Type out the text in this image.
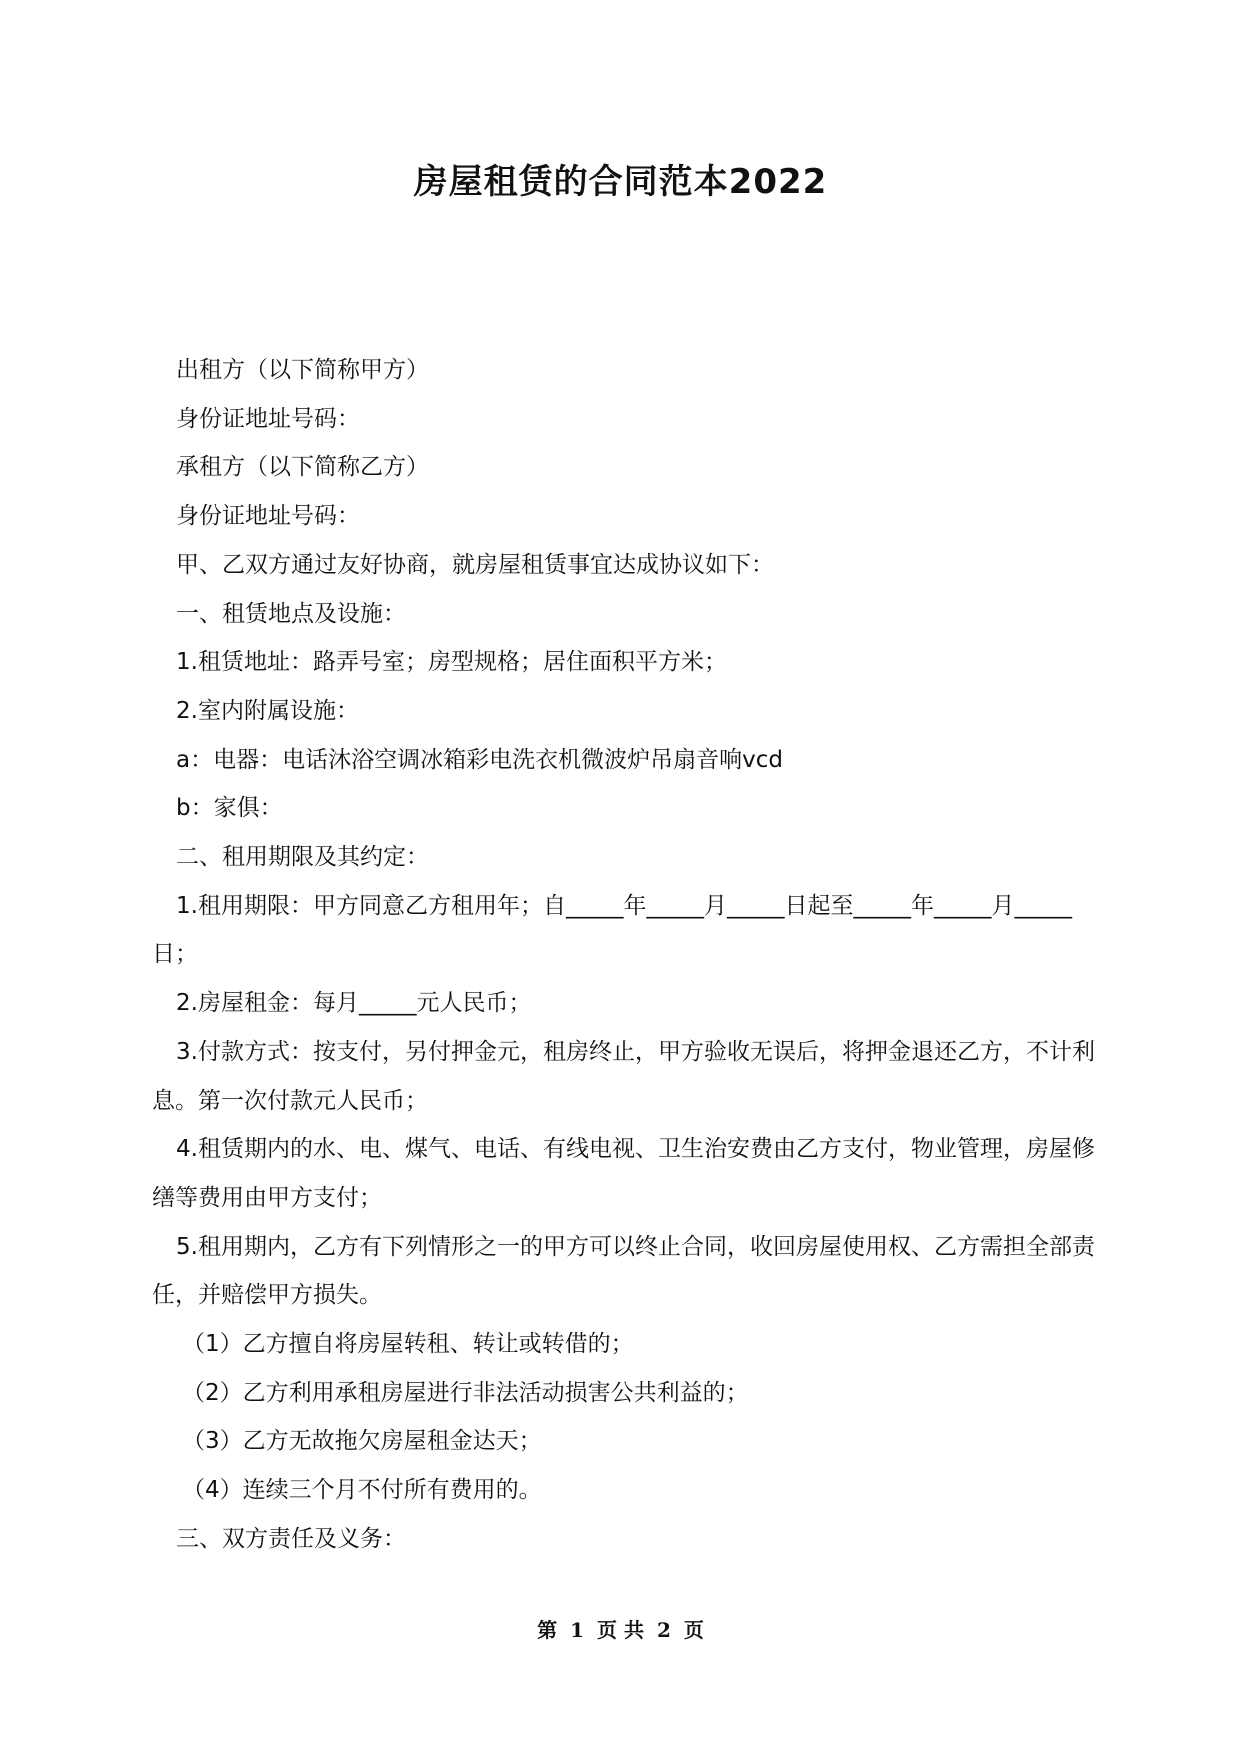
房屋租赁的合同范本2022

出租方（以下简称甲方）

身份证地址号码：

承租方（以下简称乙方）

身份证地址号码：

甲、乙双方通过友好协商，就房屋租赁事宜达成协议如下：

一、租赁地点及设施：

1.租赁地址：路弄号室；房型规格；居住面积平方米；

2.室内附属设施：

a：电器：电话沐浴空调冰箱彩电洗衣机微波炉吊扇音响vcd

b：家俱：

二、租用期限及其约定：

1.租用期限：甲方同意乙方租用年；自_____年_____月_____日起至_____年_____月_____日；

2.房屋租金：每月_____元人民币；

3.付款方式：按支付，另付押金元，租房终止，甲方验收无误后，将押金退还乙方，不计利息。第一次付款元人民币；

4.租赁期内的水、电、煤气、电话、有线电视、卫生治安费由乙方支付，物业管理，房屋修缮等费用由甲方支付；

5.租用期内，乙方有下列情形之一的甲方可以终止合同，收回房屋使用权、乙方需担全部责任，并赔偿甲方损失。

（1）乙方擅自将房屋转租、转让或转借的；

（2）乙方利用承租房屋进行非法活动损害公共利益的；

（3）乙方无故拖欠房屋租金达天；

（4）连续三个月不付所有费用的。

三、双方责任及义务：

第 1 页 共 2 页
